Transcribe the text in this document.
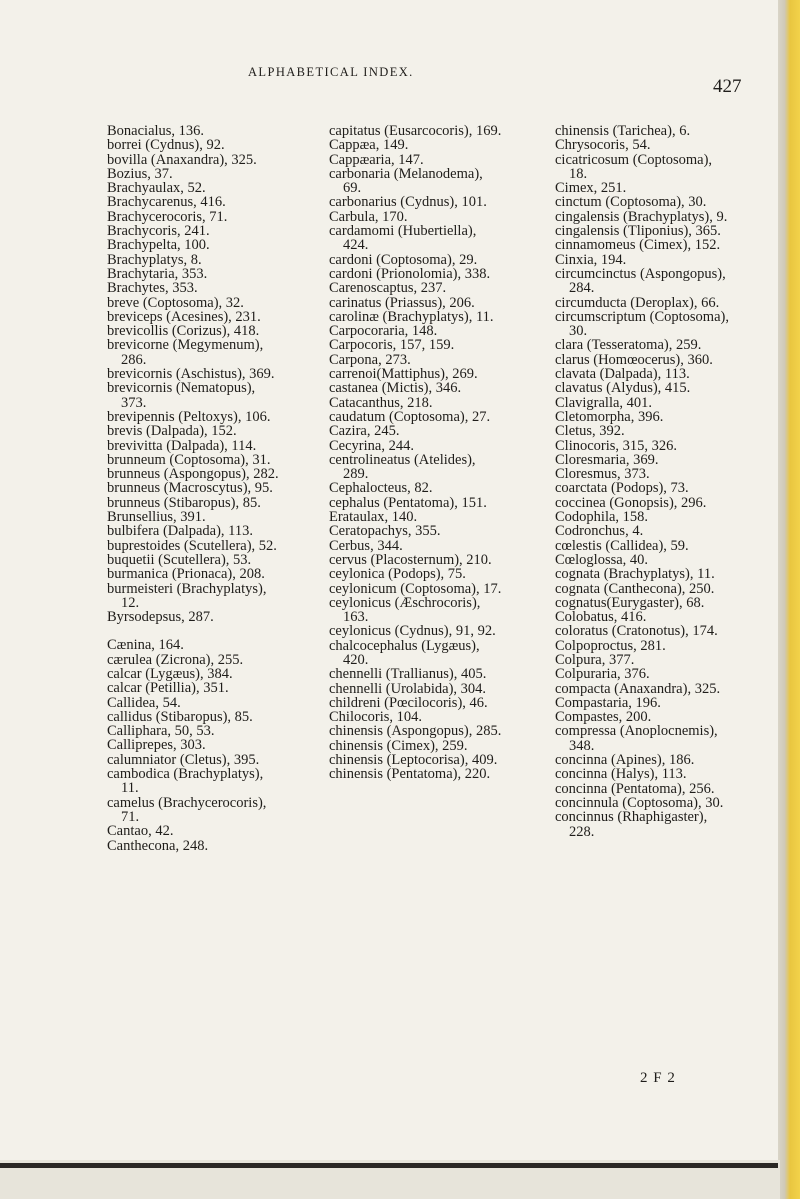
ALPHABETICAL INDEX.
427
Bonacialus, 136.
borrei (Cydnus), 92.
bovilla (Anaxandra), 325.
Bozius, 37.
Brachyaulax, 52.
Brachycarenus, 416.
Brachycerocoris, 71.
Brachycoris, 241.
Brachypelta, 100.
Brachyplatys, 8.
Brachytaria, 353.
Brachytes, 353.
breve (Coptosoma), 32.
breviceps (Acesines), 231.
brevicollis (Corizus), 418.
brevicorne (Megymenum), 286.
brevicornis (Aschistus), 369.
brevicornis (Nematopus), 373.
brevipennis (Peltoxys), 106.
brevis (Dalpada), 152.
brevivitta (Dalpada), 114.
brunneum (Coptosoma), 31.
brunneus (Aspongopus), 282.
brunneus (Macroscytus), 95.
brunneus (Stibaropus), 85.
Brunsellius, 391.
bulbifera (Dalpada), 113.
buprestoides (Scutellera), 52.
buquetii (Scutellera), 53.
burmanica (Prionaca), 208.
burmeisteri (Brachyplatys), 12.
Byrsodepsus, 287.
Cænina, 164.
cærulea (Zicrona), 255.
calcar (Lygæus), 384.
calcar (Petillia), 351.
Callidea, 54.
callidus (Stibaropus), 85.
Calliphara, 50, 53.
Calliprepes, 303.
calumniator (Cletus), 395.
cambodica (Brachyplatys), 11.
camelus (Brachycerocoris), 71.
Cantao, 42.
Canthecona, 248.
capitatus (Eusarcocoris), 169.
Cappæa, 149.
Cappæaria, 147.
carbonaria (Melanodema), 69.
carbonarius (Cydnus), 101.
Carbula, 170.
cardamomi (Hubertiella), 424.
cardoni (Coptosoma), 29.
cardoni (Prionolomia), 338.
Carenoscaptus, 237.
carinatus (Priassus), 206.
carolinæ (Brachyplatys), 11.
Carpocoraria, 148.
Carpocoris, 157, 159.
Carpona, 273.
carrenoi(Mattiphus), 269.
castanea (Mictis), 346.
Catacanthus, 218.
caudatum (Coptosoma), 27.
Cazira, 245.
Cecyrina, 244.
centrolineatus (Atelides), 289.
Cephalocteus, 82.
cephalus (Pentatoma), 151.
Erataulax, 140.
Ceratopachys, 355.
Cerbus, 344.
cervus (Placosternum), 210.
ceylonica (Podops), 75.
ceylonicum (Coptosoma), 17.
ceylonicus (Æschrocoris), 163.
ceylonicus (Cydnus), 91, 92.
chalcocephalus (Lygæus), 420.
chennelli (Trallianus), 405.
chennelli (Urolabida), 304.
childreni (Pœcilocoris), 46.
Chilocoris, 104.
chinensis (Aspongopus), 285.
chinensis (Cimex), 259.
chinensis (Leptocorisa), 409.
chinensis (Pentatoma), 220.
chinensis (Tarichea), 6.
Chrysocoris, 54.
cicatricosum (Coptosoma), 18.
Cimex, 251.
cinctum (Coptosoma), 30.
cingalensis (Brachyplatys), 9.
cingalensis (Tliponius), 365.
cinnamomeus (Cimex), 152.
Cinxia, 194.
circumcinctus (Aspongopus), 284.
circumducta (Deroplax), 66.
circumscriptum (Coptosoma), 30.
clara (Tesseratoma), 259.
clarus (Homœocerus), 360.
clavata (Dalpada), 113.
clavatus (Alydus), 415.
Clavigralla, 401.
Cletomorpha, 396.
Cletus, 392.
Clinocoris, 315, 326.
Cloresmaria, 369.
Cloresmus, 373.
coarctata (Podops), 73.
coccinea (Gonopsis), 296.
Codophila, 158.
Codronchus, 4.
cœlestis (Callidea), 59.
Cœloglossa, 40.
cognata (Brachyplatys), 11.
cognata (Canthecona), 250.
cognatus(Eurygaster), 68.
Colobatus, 416.
coloratus (Cratonotus), 174.
Colpoproctus, 281.
Colpura, 377.
Colpuraria, 376.
compacta (Anaxandra), 325.
Compastaria, 196.
Compastes, 200.
compressa (Anoplocnemis), 348.
concinna (Apines), 186.
concinna (Halys), 113.
concinna (Pentatoma), 256.
concinnula (Coptosoma), 30.
concinnus (Rhaphigaster), 228.
2 F 2
